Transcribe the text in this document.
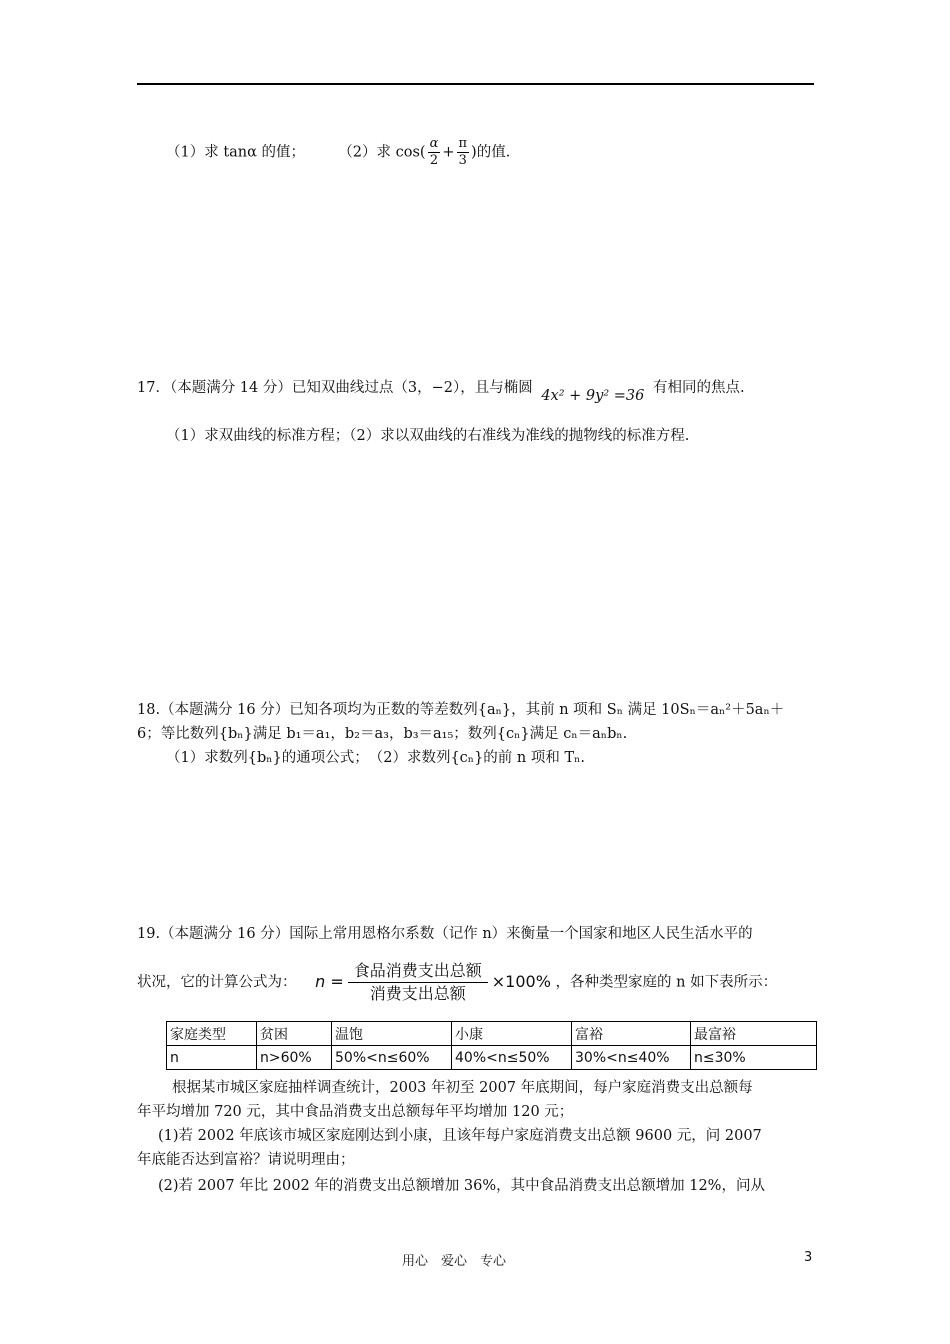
（1）求 tanα 的值； （2）求 $\cos( \frac{\alpha}{2} + \frac{\pi}{3}$ )的值.
17．（本题满分 14 分）已知双曲线过点（3，−2），且与椭圆 4x² + 9y² =36 有相同的焦点.
（1）求双曲线的标准方程；（2）求以双曲线的右准线为准线的抛物线的标准方程.
18.（本题满分 16 分）已知各项均为正数的等差数列{aₙ}，其前 n 项和 Sₙ 满足 10Sₙ＝aₙ²＋5aₙ＋
6；等比数列{bₙ}满足 b₁＝a₁，b₂＝a₃，b₃＝a₁₅；数列{cₙ}满足 cₙ＝aₙbₙ.
（1）求数列{bₙ}的通项公式；　（2）求数列{cₙ}的前 n 项和 Tₙ.
19.（本题满分 16 分）国际上常用恩格尔系数（记作 n）来衡量一个国家和地区人民生活水平的
状况，它的计算公式为： $n = \frac{\text{食品消费支出总额}}{\text{消费支出总额}} \times 100\%$ ，各种类型家庭的 n 如下表所示：
家庭类型	贫困	温饱	小康	富裕	最富裕
n	n>60%	50%<n≤60%	40%<n≤50%	30%<n≤40%	n≤30%
根据某市城区家庭抽样调查统计，2003 年初至 2007 年底期间，每户家庭消费支出总额每
年平均增加 720 元，其中食品消费支出总额每年平均增加 120 元；
(1)若 2002 年底该市城区家庭刚达到小康，且该年每户家庭消费支出总额 9600 元，问 2007
年底能否达到富裕？请说明理由；
(2)若 2007 年比 2002 年的消费支出总额增加 36%，其中食品消费支出总额增加 12%，问从
用心　爱心　专心	3
